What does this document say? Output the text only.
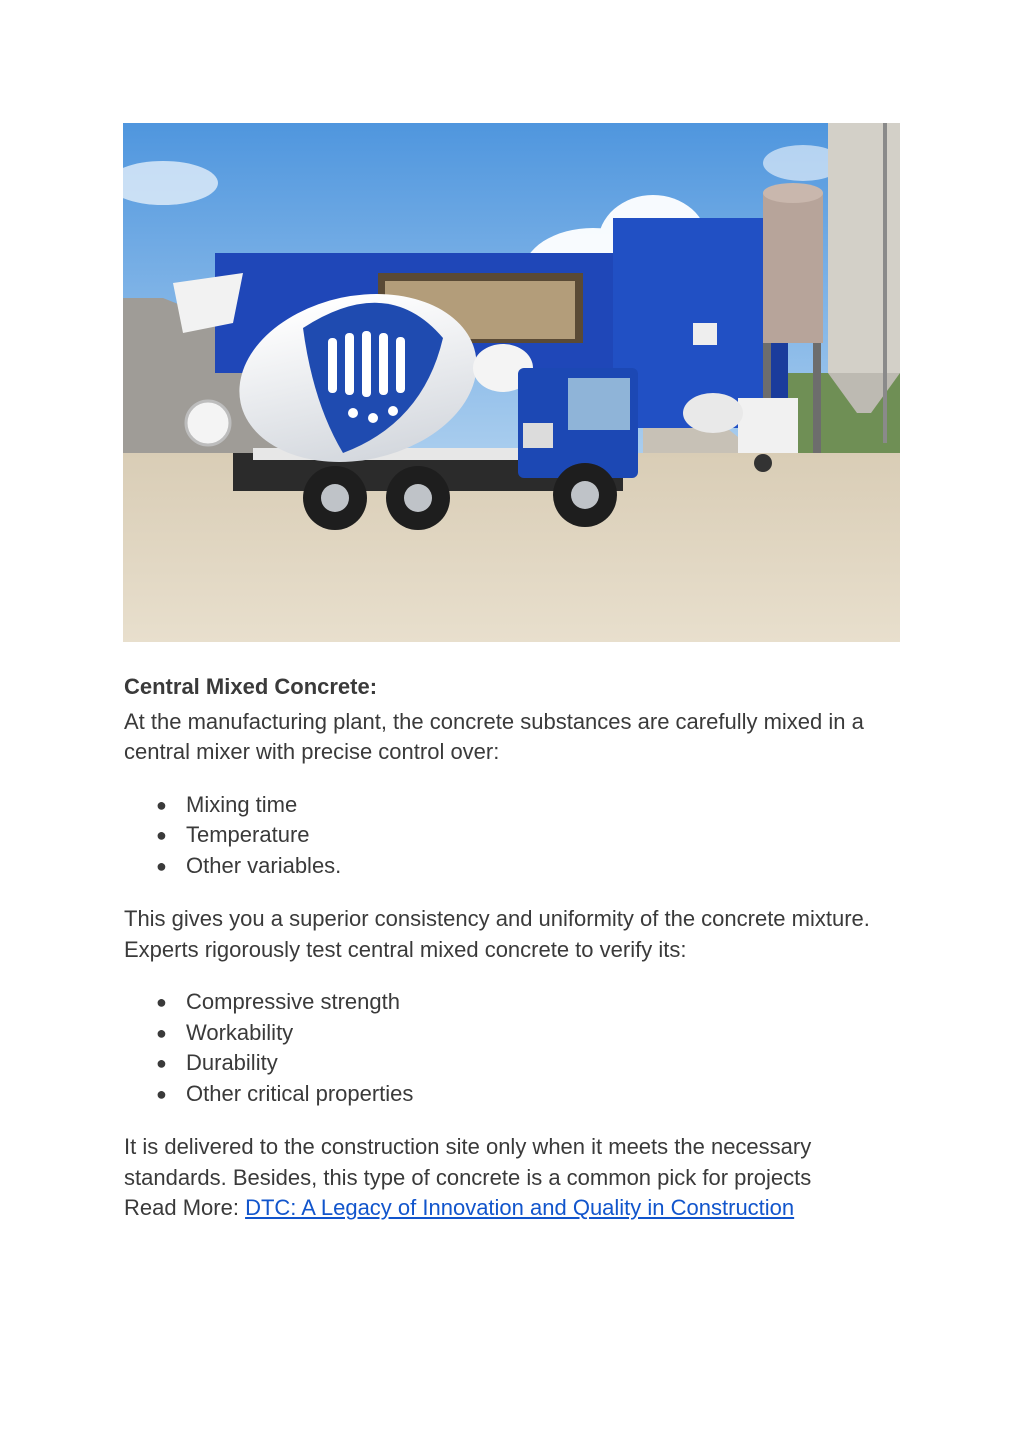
Central Mixed Concrete:

At the manufacturing plant, the concrete substances are carefully mixed in a central mixer with precise control over:

● Mixing time
● Temperature
● Other variables.

This gives you a superior consistency and uniformity of the concrete mixture.

Experts rigorously test central mixed concrete to verify its:

● Compressive strength
● Workability
● Durability
● Other critical properties

It is delivered to the construction site only when it meets the necessary standards. Besides, this type of concrete is a common pick for projects

Read More: DTC: A Legacy of Innovation and Quality in Construction
